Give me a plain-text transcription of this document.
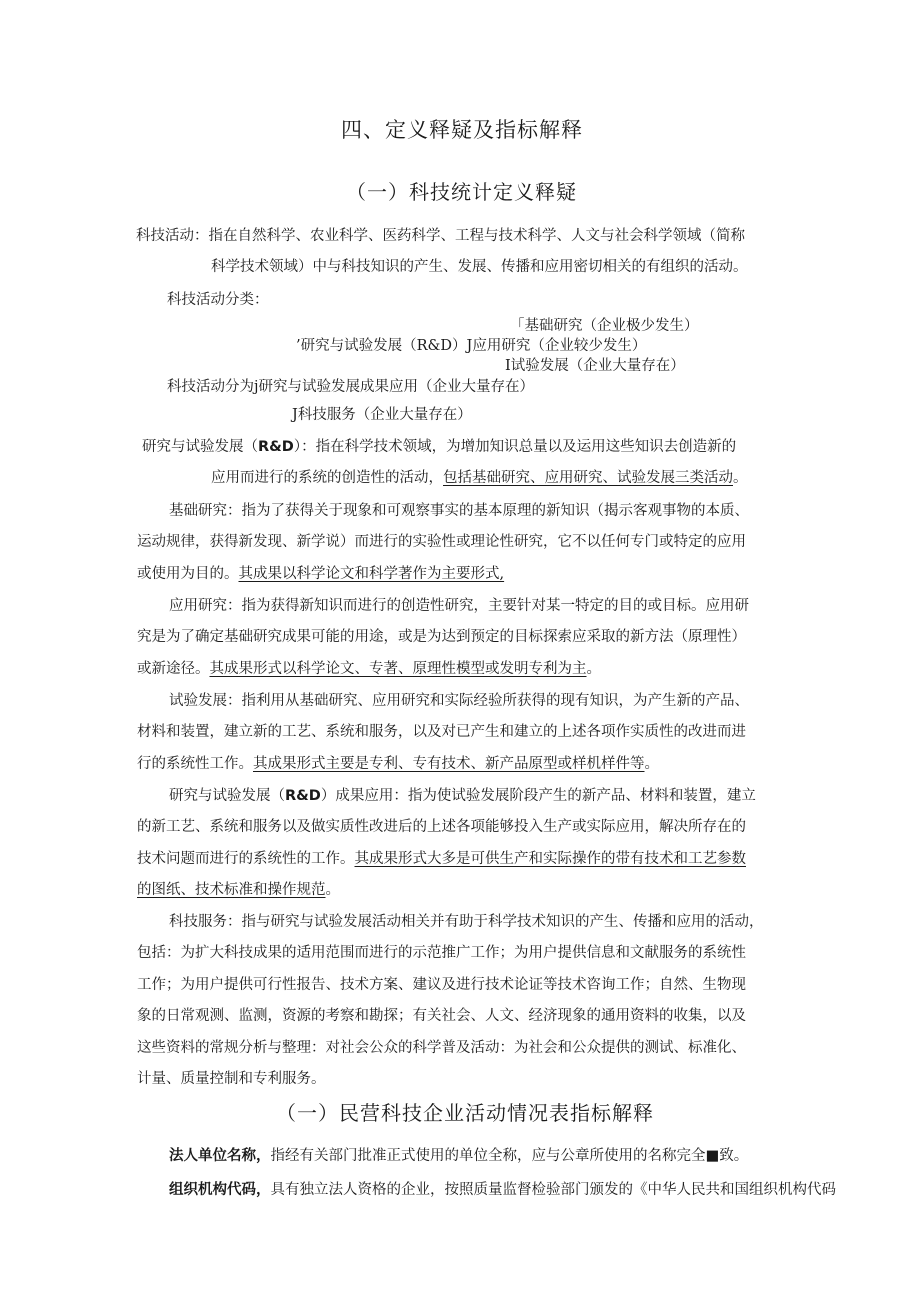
四、定义释疑及指标解释
（一）科技统计定义释疑
科技活动：指在自然科学、农业科学、医药科学、工程与技术科学、人文与社会科学领域（简称
科学技术领域）中与科技知识的产生、发展、传播和应用密切相关的有组织的活动。
科技活动分类：
「基础研究（企业极少发生）
’研究与试验发展（R&D）J应用研究（企业较少发生）
I试验发展（企业大量存在）
科技活动分为j研究与试验发展成果应用（企业大量存在）
J科技服务（企业大量存在）
研究与试验发展（R&D）：指在科学技术领域，为增加知识总量以及运用这些知识去创造新的
应用而进行的系统的创造性的活动，包括基础研究、应用研究、试验发展三类活动。
基础研究：指为了获得关于现象和可观察事实的基本原理的新知识（揭示客观事物的本质、
运动规律，获得新发现、新学说）而进行的实验性或理论性研究，它不以任何专门或特定的应用
或使用为目的。其成果以科学论文和科学著作为主要形式,
应用研究：指为获得新知识而进行的创造性研究，主要针对某一特定的目的或目标。应用研
究是为了确定基础研究成果可能的用途，或是为达到预定的目标探索应采取的新方法（原理性）
或新途径。其成果形式以科学论文、专著、原理性模型或发明专利为主。
试验发展：指利用从基础研究、应用研究和实际经验所获得的现有知识，为产生新的产品、
材料和装置，建立新的工艺、系统和服务，以及对已产生和建立的上述各项作实质性的改进而进
行的系统性工作。其成果形式主要是专利、专有技术、新产品原型或样机样件等。
研究与试验发展（R&D）成果应用：指为使试验发展阶段产生的新产品、材料和装置，建立
的新工艺、系统和服务以及做实质性改进后的上述各项能够投入生产或实际应用，解决所存在的
技术问题而进行的系统性的工作。其成果形式大多是可供生产和实际操作的带有技术和工艺参数
的图纸、技术标准和操作规范。
科技服务：指与研究与试验发展活动相关并有助于科学技术知识的产生、传播和应用的活动，
包括：为扩大科技成果的适用范围而进行的示范推广工作；为用户提供信息和文献服务的系统性
工作；为用户提供可行性报告、技术方案、建议及进行技术论证等技术咨询工作；自然、生物现
象的日常观测、监测，资源的考察和勘探；有关社会、人文、经济现象的通用资料的收集，以及
这些资料的常规分析与整理：对社会公众的科学普及活动：为社会和公众提供的测试、标准化、
计量、质量控制和专利服务。
（一）民营科技企业活动情况表指标解释
法人单位名称，指经有关部门批准正式使用的单位全称，应与公章所使用的名称完全■致。
组织机构代码，具有独立法人资格的企业，按照质量监督检验部门颁发的《中华人民共和国组织机构代码
